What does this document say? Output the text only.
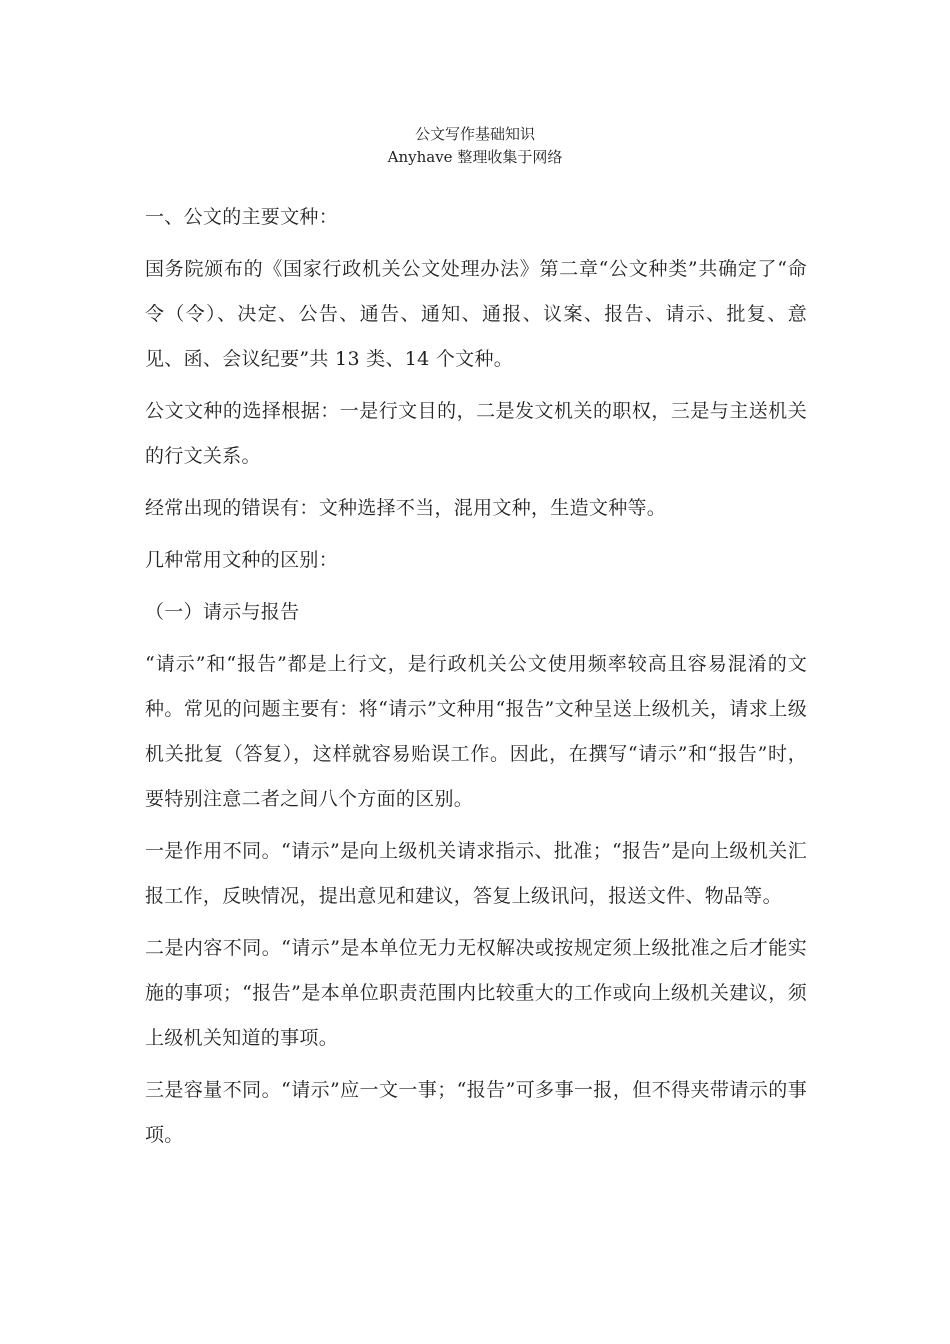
公文写作基础知识
Anyhave 整理收集于网络

一、公文的主要文种：

国务院颁布的《国家行政机关公文处理办法》第二章“公文种类”共确定了“命令（令）、决定、公告、通告、通知、通报、议案、报告、请示、批复、意见、函、会议纪要”共 13 类、14 个文种。

公文文种的选择根据：一是行文目的，二是发文机关的职权，三是与主送机关的行文关系。

经常出现的错误有：文种选择不当，混用文种，生造文种等。

几种常用文种的区别：

（一）请示与报告

“请示”和“报告”都是上行文，是行政机关公文使用频率较高且容易混淆的文种。常见的问题主要有：将“请示”文种用“报告”文种呈送上级机关，请求上级机关批复（答复），这样就容易贻误工作。因此，在撰写“请示”和“报告”时，要特别注意二者之间八个方面的区别。

一是作用不同。“请示”是向上级机关请求指示、批准；“报告”是向上级机关汇报工作，反映情况，提出意见和建议，答复上级讯问，报送文件、物品等。

二是内容不同。“请示”是本单位无力无权解决或按规定须上级批准之后才能实施的事项；“报告”是本单位职责范围内比较重大的工作或向上级机关建议，须上级机关知道的事项。

三是容量不同。“请示”应一文一事；“报告”可多事一报，但不得夹带请示的事项。
